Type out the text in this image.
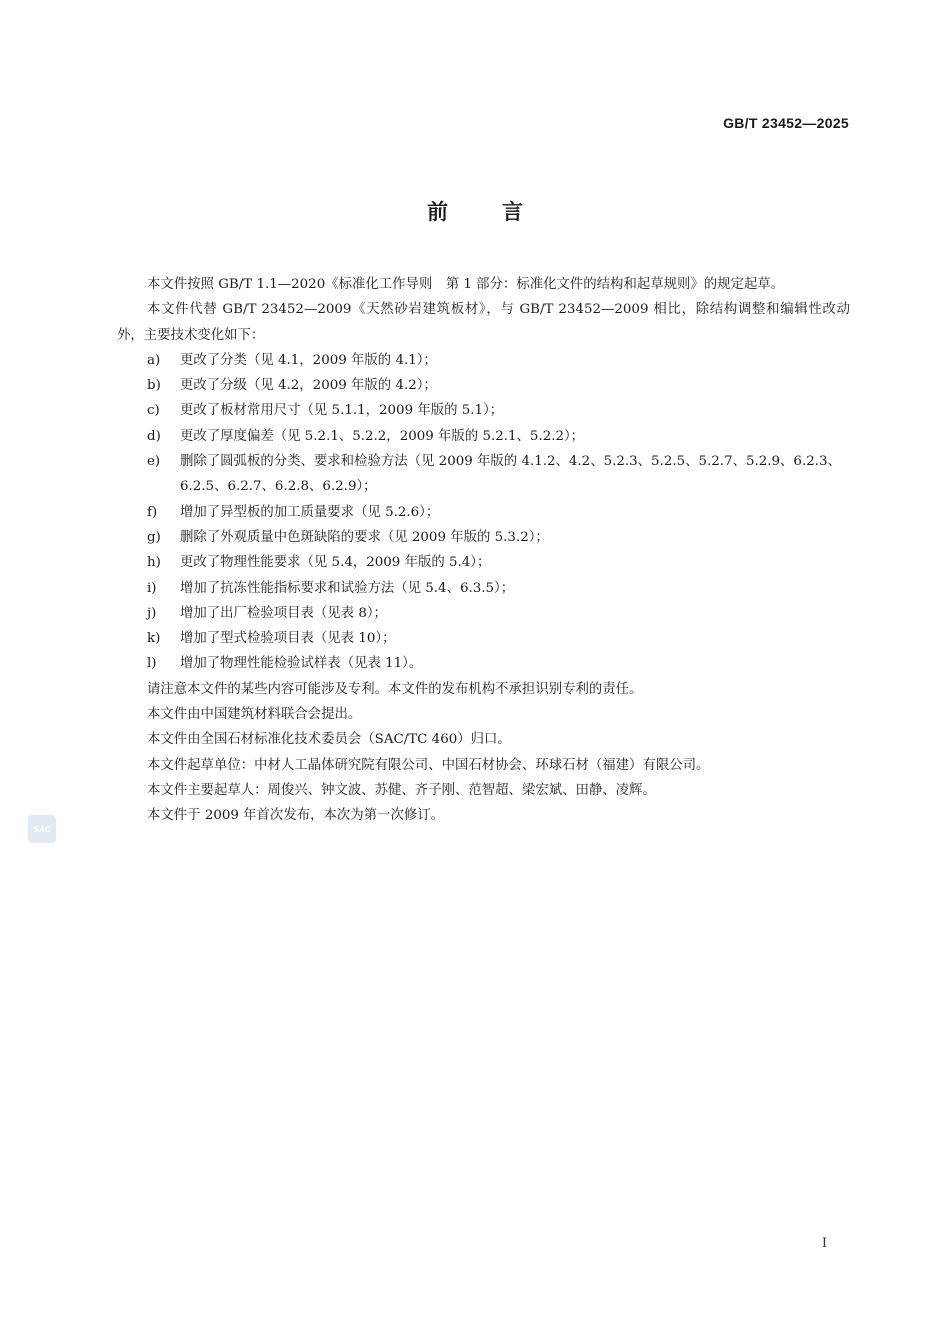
GB/T 23452—2025
前言

本文件按照 GB/T 1.1—2020《标准化工作导则　第 1 部分：标准化文件的结构和起草规则》的规定起草。

本文件代替 GB/T 23452—2009《天然砂岩建筑板材》，与 GB/T 23452—2009 相比，除结构调整和编辑性改动外，主要技术变化如下：

a)	更改了分类（见 4.1，2009 年版的 4.1）；
b)	更改了分级（见 4.2，2009 年版的 4.2）；
c)	更改了板材常用尺寸（见 5.1.1，2009 年版的 5.1）；
d)	更改了厚度偏差（见 5.2.1、5.2.2，2009 年版的 5.2.1、5.2.2）；
e)	删除了圆弧板的分类、要求和检验方法（见 2009 年版的 4.1.2、4.2、5.2.3、5.2.5、5.2.7、5.2.9、6.2.3、6.2.5、6.2.7、6.2.8、6.2.9）；
f)	增加了异型板的加工质量要求（见 5.2.6）；
g)	删除了外观质量中色斑缺陷的要求（见 2009 年版的 5.3.2）；
h)	更改了物理性能要求（见 5.4，2009 年版的 5.4）；
i)	增加了抗冻性能指标要求和试验方法（见 5.4、6.3.5）；
j)	增加了出厂检验项目表（见表 8）；
k)	增加了型式检验项目表（见表 10）；
l)	增加了物理性能检验试样表（见表 11）。

请注意本文件的某些内容可能涉及专利。本文件的发布机构不承担识别专利的责任。

本文件由中国建筑材料联合会提出。

本文件由全国石材标准化技术委员会（SAC/TC 460）归口。

本文件起草单位：中材人工晶体研究院有限公司、中国石材协会、环球石材（福建）有限公司。

本文件主要起草人：周俊兴、钟文波、苏健、齐子刚、范智超、梁宏斌、田静、凌辉。

本文件于 2009 年首次发布，本次为第一次修订。

SAC
I
